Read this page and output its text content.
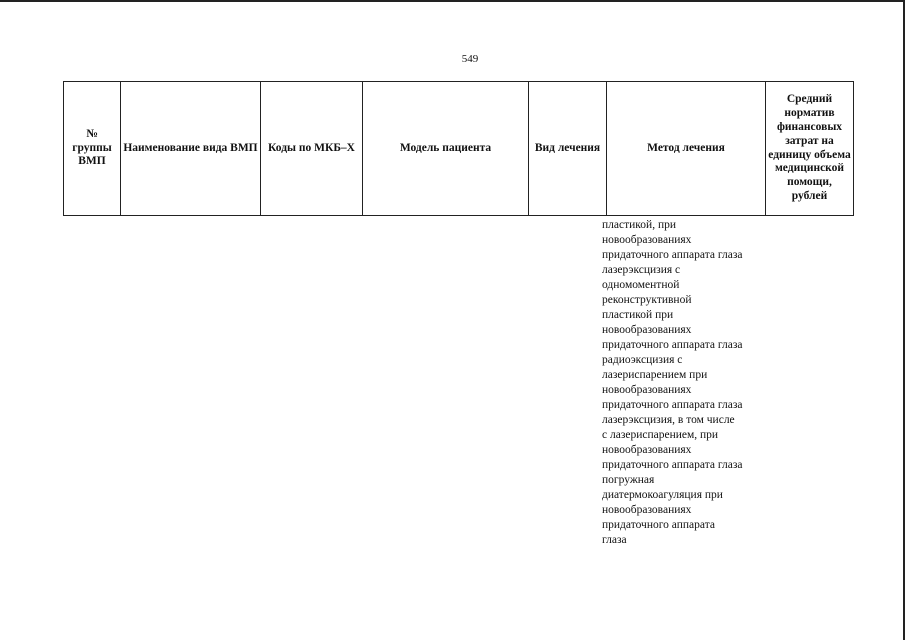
549
№ группы ВМП	Наименование вида ВМП	Коды по МКБ–Х	Модель пациента	Вид лечения	Метод лечения	Средний норматив финансовых затрат на единицу объема медицинской помощи, рублей
пластикой, при
новообразованиях
придаточного аппарата глаза
лазерэксцизия с
одномоментной
реконструктивной
пластикой при
новообразованиях
придаточного аппарата глаза
радиоэксцизия с
лазериспарением при
новообразованиях
придаточного аппарата глаза
лазерэксцизия, в том числе
с лазериспарением, при
новообразованиях
придаточного аппарата глаза
погружная
диатермокоагуляция при
новообразованиях
придаточного аппарата
глаза
